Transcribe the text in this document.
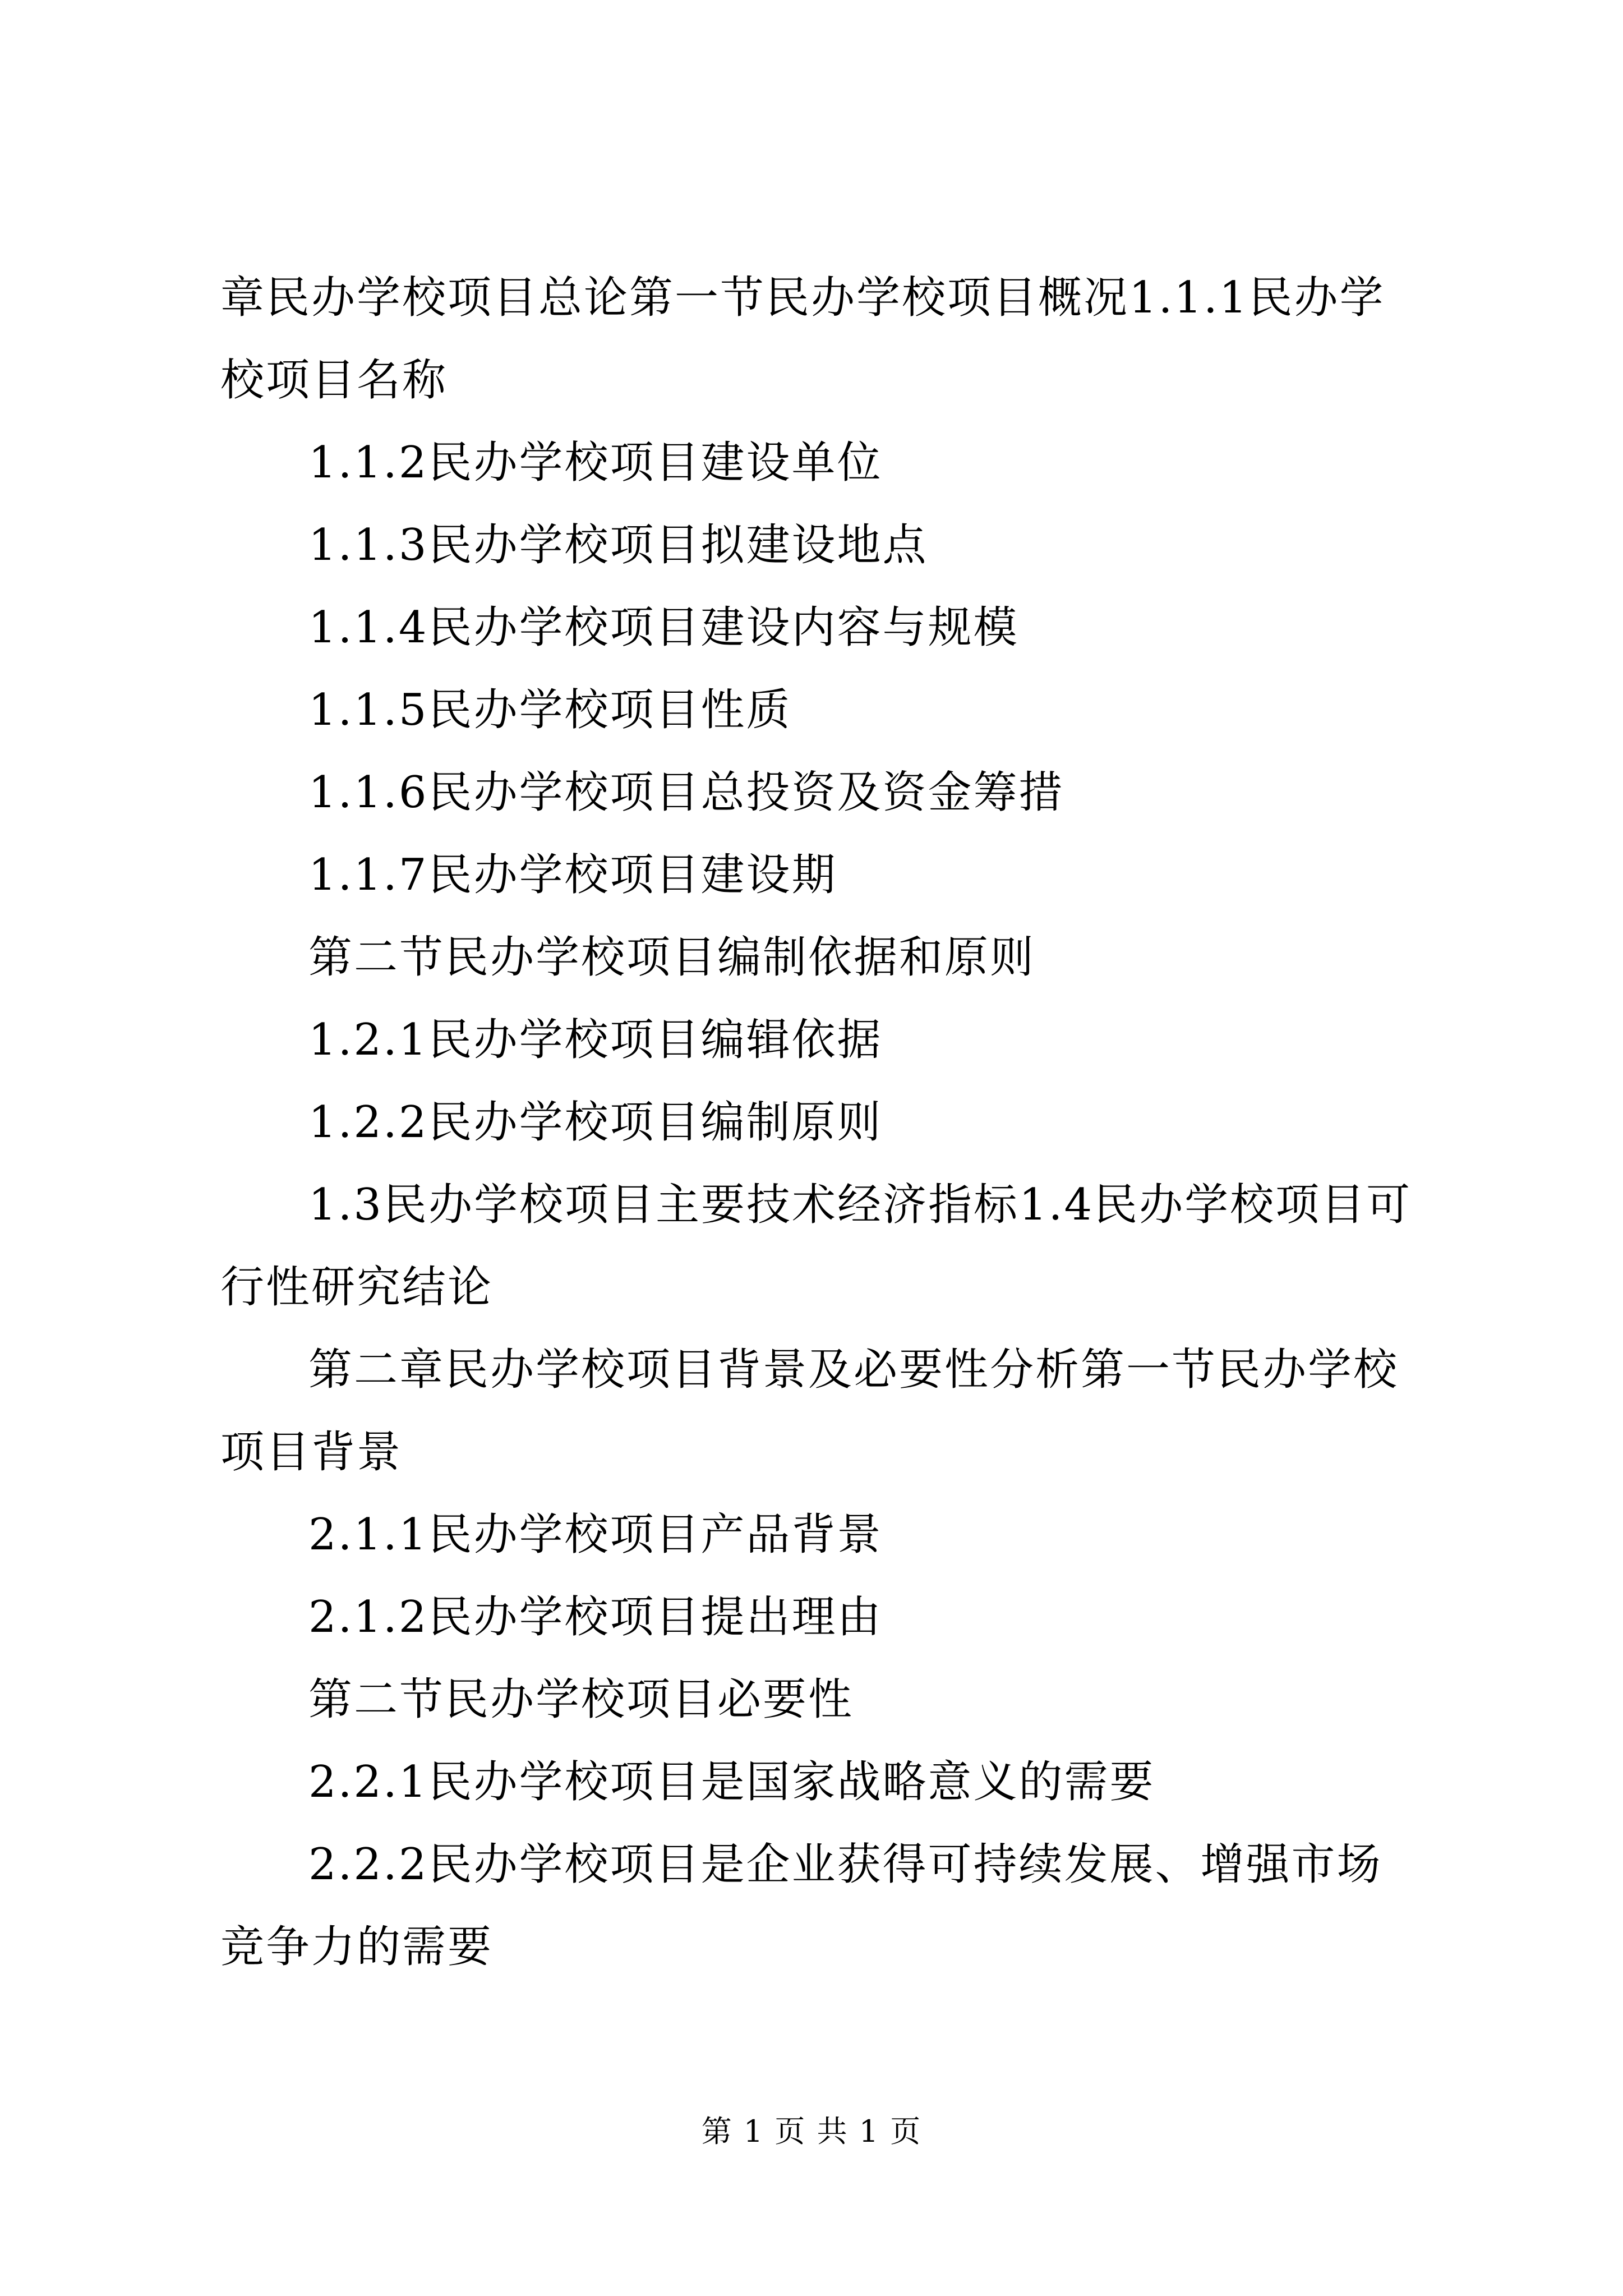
章民办学校项目总论第一节民办学校项目概况1.1.1民办学校项目名称

1.1.2民办学校项目建设单位

1.1.3民办学校项目拟建设地点

1.1.4民办学校项目建设内容与规模

1.1.5民办学校项目性质

1.1.6民办学校项目总投资及资金筹措

1.1.7民办学校项目建设期

第二节民办学校项目编制依据和原则

1.2.1民办学校项目编辑依据

1.2.2民办学校项目编制原则

1.3民办学校项目主要技术经济指标1.4民办学校项目可行性研究结论

第二章民办学校项目背景及必要性分析第一节民办学校项目背景

2.1.1民办学校项目产品背景

2.1.2民办学校项目提出理由

第二节民办学校项目必要性

2.2.1民办学校项目是国家战略意义的需要

2.2.2民办学校项目是企业获得可持续发展、增强市场竞争力的需要

第 1 页 共 1 页
